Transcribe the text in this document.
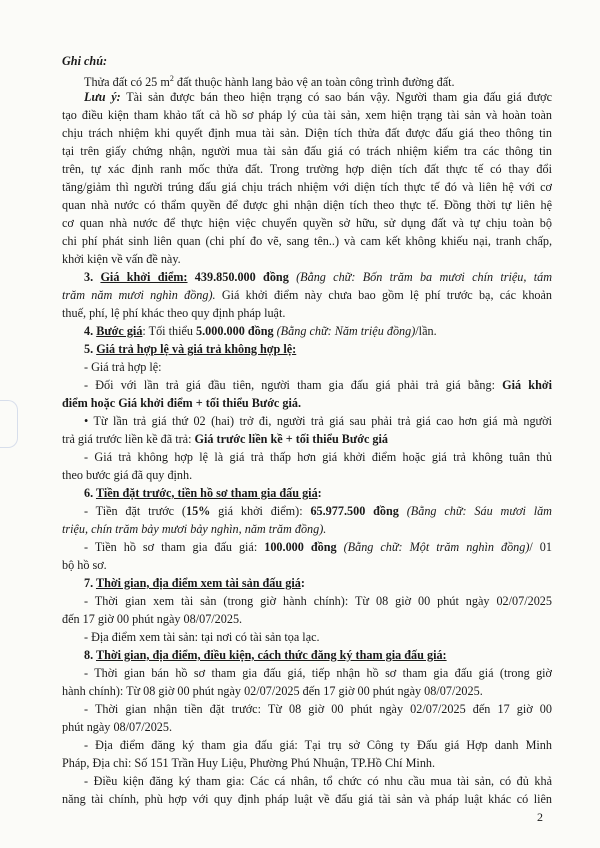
Ghi chú:
Thửa đất có 25 $m^2$ đất thuộc hành lang bảo vệ an toàn công trình đường đất.
Lưu ý: Tài sản được bán theo hiện trạng có sao bán vậy. Người tham gia đấu giá được
tạo điều kiện tham khảo tất cả hồ sơ pháp lý của tài sản, xem hiện trạng tài sản và hoàn toàn
chịu trách nhiệm khi quyết định mua tài sản. Diện tích thửa đất được đấu giá theo thông tin
tại trên giấy chứng nhận, người mua tài sản đấu giá có trách nhiệm kiểm tra các thông tin
trên, tự xác định ranh mốc thửa đất. Trong trường hợp diện tích đất thực tế có thay đổi
tăng/giảm thì người trúng đấu giá chịu trách nhiệm với diện tích thực tế đó và liên hệ với cơ
quan nhà nước có thẩm quyền để được ghi nhận diện tích theo thực tế. Đồng thời tự liên hệ
cơ quan nhà nước để thực hiện việc chuyển quyền sở hữu, sử dụng đất và tự chịu toàn bộ
chi phí phát sinh liên quan (chi phí đo vẽ, sang tên..) và cam kết không khiếu nại, tranh chấp,
khởi kiện về vấn đề này.
3. Giá khởi điểm: 439.850.000 đồng (Bằng chữ: Bốn trăm ba mươi chín triệu, tám
trăm năm mươi nghìn đồng). Giá khởi điểm này chưa bao gồm lệ phí trước bạ, các khoản
thuế, phí, lệ phí khác theo quy định pháp luật.
4. Bước giá: Tối thiểu 5.000.000 đồng (Bằng chữ: Năm triệu đồng)/lần.
5. Giá trả hợp lệ và giá trả không hợp lệ:
- Giá trả hợp lệ:
- Đối với lần trả giá đầu tiên, người tham gia đấu giá phải trả giá bằng: Giá khởi
điểm hoặc Giá khởi điểm + tối thiểu Bước giá.
• Từ lần trả giá thứ 02 (hai) trở đi, người trả giá sau phải trả giá cao hơn giá mà người
trả giá trước liền kề đã trả: Giá trước liền kề + tối thiểu Bước giá
- Giá trả không hợp lệ là giá trả thấp hơn giá khởi điểm hoặc giá trả không tuân thủ
theo bước giá đã quy định.
6. Tiền đặt trước, tiền hồ sơ tham gia đấu giá:
- Tiền đặt trước (15% giá khởi điểm): 65.977.500 đồng (Bằng chữ: Sáu mươi lăm
triệu, chín trăm bảy mươi bảy nghìn, năm trăm đồng).
- Tiền hồ sơ tham gia đấu giá: 100.000 đồng (Bằng chữ: Một trăm nghìn đồng)/ 01
bộ hồ sơ.
7. Thời gian, địa điểm xem tài sản đấu giá:
- Thời gian xem tài sản (trong giờ hành chính): Từ 08 giờ 00 phút ngày 02/07/2025
đến 17 giờ 00 phút ngày 08/07/2025.
- Địa điểm xem tài sản: tại nơi có tài sản tọa lạc.
8. Thời gian, địa điểm, điều kiện, cách thức đăng ký tham gia đấu giá:
- Thời gian bán hồ sơ tham gia đấu giá, tiếp nhận hồ sơ tham gia đấu giá (trong giờ
hành chính): Từ 08 giờ 00 phút ngày 02/07/2025 đến 17 giờ 00 phút ngày 08/07/2025.
- Thời gian nhận tiền đặt trước: Từ 08 giờ 00 phút ngày 02/07/2025 đến 17 giờ 00
phút ngày 08/07/2025.
- Địa điểm đăng ký tham gia đấu giá: Tại trụ sở Công ty Đấu giá Hợp danh Minh
Pháp, Địa chỉ: Số 151 Trần Huy Liệu, Phường Phú Nhuận, TP.Hồ Chí Minh.
- Điều kiện đăng ký tham gia: Các cá nhân, tổ chức có nhu cầu mua tài sản, có đủ khả
năng tài chính, phù hợp với quy định pháp luật về đấu giá tài sản và pháp luật khác có liên
2
